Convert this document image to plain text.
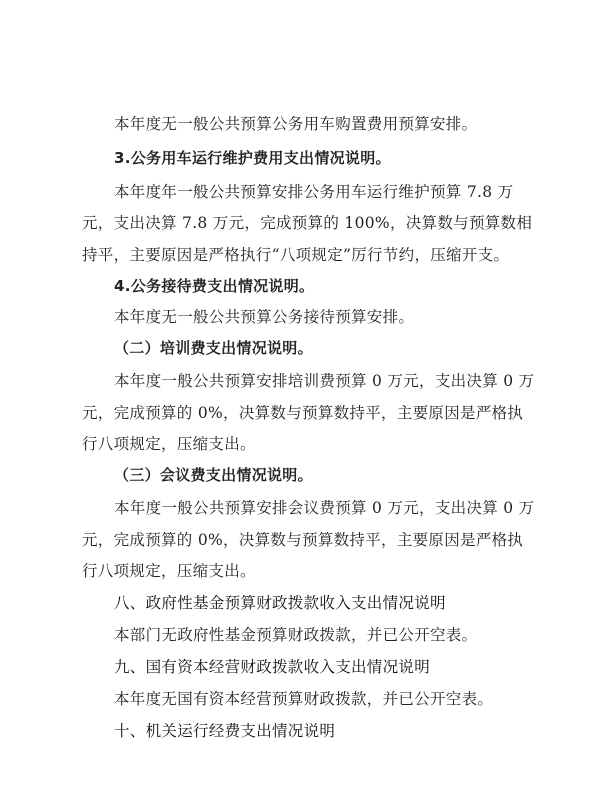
本年度无一般公共预算公务用车购置费用预算安排。
3.公务用车运行维护费用支出情况说明。
本年度年一般公共预算安排公务用车运行维护预算 7.8 万
元，支出决算 7.8 万元，完成预算的 100%，决算数与预算数相
持平，主要原因是严格执行“八项规定”厉行节约，压缩开支。
4.公务接待费支出情况说明。
本年度无一般公共预算公务接待预算安排。
（二）培训费支出情况说明。
本年度一般公共预算安排培训费预算 0 万元，支出决算 0 万
元，完成预算的 0%，决算数与预算数持平，主要原因是严格执
行八项规定，压缩支出。
（三）会议费支出情况说明。
本年度一般公共预算安排会议费预算 0 万元，支出决算 0 万
元，完成预算的 0%，决算数与预算数持平，主要原因是严格执
行八项规定，压缩支出。
八、政府性基金预算财政拨款收入支出情况说明
本部门无政府性基金预算财政拨款，并已公开空表。
九、国有资本经营财政拨款收入支出情况说明
本年度无国有资本经营预算财政拨款，并已公开空表。
十、机关运行经费支出情况说明
